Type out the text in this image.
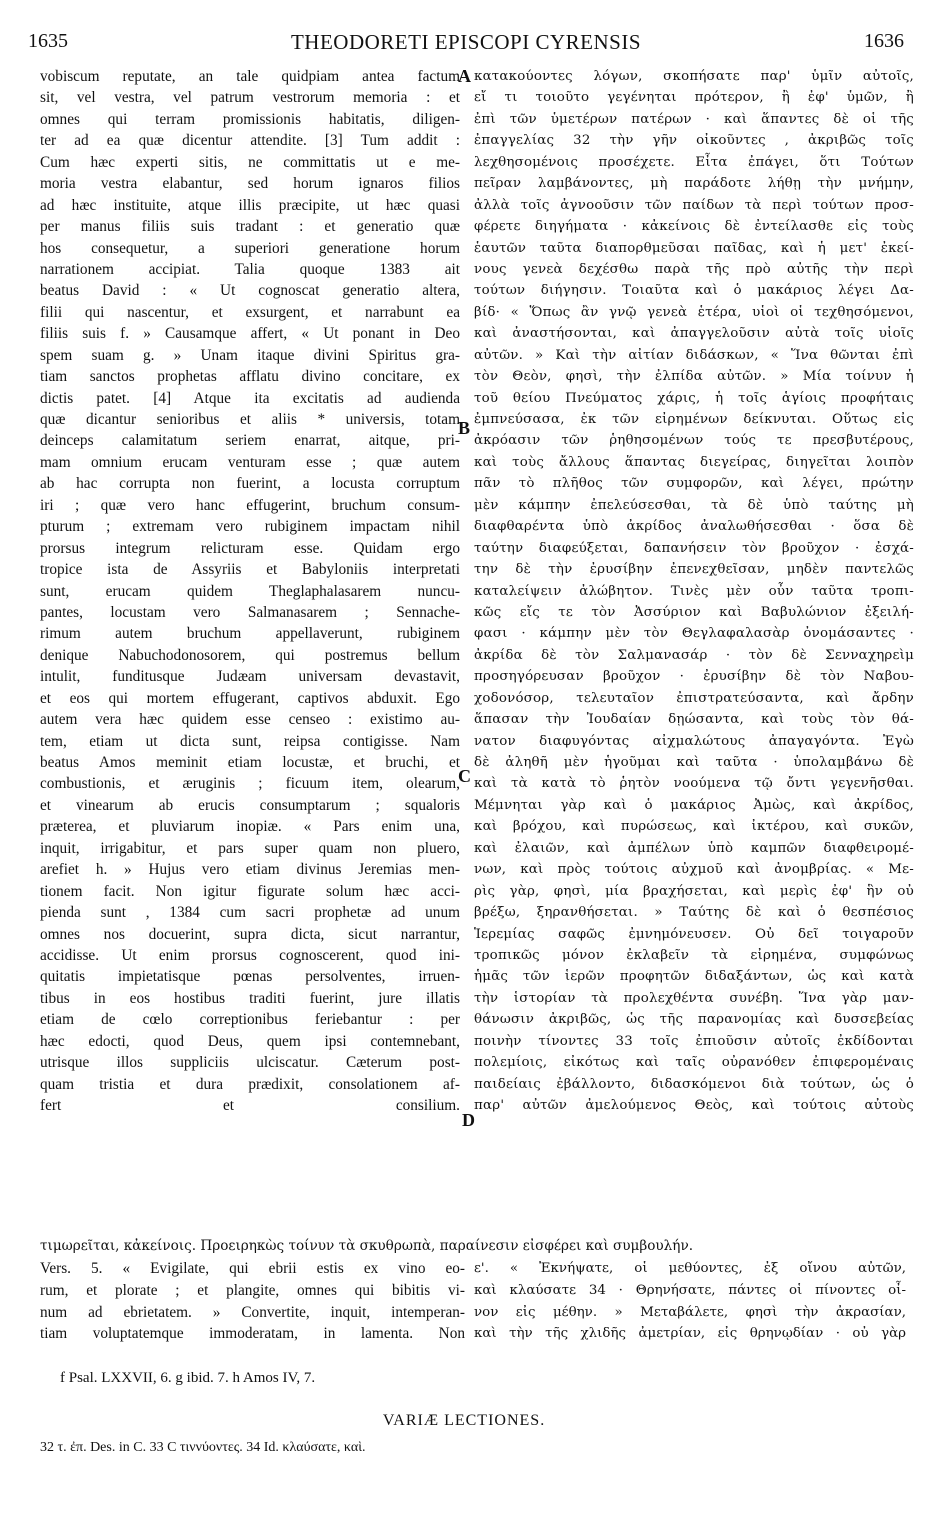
1635	THEODORETI EPISCOPI CYRENSIS	1636
vobiscum reputate, an tale quidpiam antea factum
sit, vel vestra, vel patrum vestrorum memoria : et
omnes qui terram promissionis habitatis, diligen-
ter ad ea quæ dicentur attendite. [3] Tum addit :
Cum hæc experti sitis, ne committatis ut e me-
moria vestra elabantur, sed horum ignaros filios
ad hæc instituite, atque illis præcipite, ut hæc quasi
per manus filiis suis tradant : et generatio quæ
hos consequetur, a superiori generatione horum
narrationem accipiat. Talia quoque 1383 ait
beatus David : « Ut cognoscat generatio altera,
filii qui nascentur, et exsurgent, et narrabunt ea
filiis suis f. » Causamque affert, « Ut ponant in Deo
spem suam g. » Unam itaque divini Spiritus gra-
tiam sanctos prophetas afflatu divino concitare, ex
dictis patet. [4] Atque ita excitatis ad audienda
quæ dicantur senioribus et aliis * universis, totam
deinceps calamitatum seriem enarrat, aitque, pri-
mam omnium erucam venturam esse ; quæ autem
ab hac corrupta non fuerint, a locusta corruptum
iri ; quæ vero hanc effugerint, bruchum consum-
pturum ; extremam vero rubiginem impactam nihil
prorsus integrum relicturam esse. Quidam ergo
tropice ista de Assyriis et Babyloniis interpretati
sunt, erucam quidem Theglaphalasarem nuncu-
pantes, locustam vero Salmanasarem ; Sennache-
rimum autem bruchum appellaverunt, rubiginem
denique Nabuchodonosorem, qui postremus bellum
intulit, funditusque Judæam universam devastavit,
et eos qui mortem effugerant, captivos abduxit. Ego
autem vera hæc quidem esse censeo : existimo au-
tem, etiam ut dicta sunt, reipsa contigisse. Nam
beatus Amos meminit etiam locustæ, et bruchi, et
combustionis, et æruginis ; ficuum item, olearum,
et vinearum ab erucis consumptarum ; squaloris
præterea, et pluviarum inopiæ. « Pars enim una,
inquit, irrigabitur, et pars super quam non pluero,
arefiet h. » Hujus vero etiam divinus Jeremias men-
tionem facit. Non igitur figurate solum hæc acci-
pienda sunt , 1384 cum sacri prophetæ ad unum
omnes nos docuerint, supra dicta, sicut narrantur,
accidisse. Ut enim prorsus cognoscerent, quod ini-
quitatis impietatisque pœnas persolventes, irruen-
tibus in eos hostibus traditi fuerint, jure illatis
etiam de cœlo correptionibus feriebantur : per
hæc edocti, quod Deus, quem ipsi contemnebant,
utrisque illos suppliciis ulciscatur. Cæterum post-
quam tristia et dura prædixit, consolationem af-
fert et consilium.
κατακούοντες λόγων, σκοπήσατε παρ' ὑμῖν αὐτοῖς,
εἴ τι τοιοῦτο γεγένηται πρότερον, ἢ ἐφ' ὑμῶν, ἢ
ἐπὶ τῶν ὑμετέρων πατέρων · καὶ ἅπαντες δὲ οἱ τῆς
ἐπαγγελίας 32 τὴν γῆν οἰκοῦντες , ἀκριβῶς τοῖς
λεχθησομένοις προσέχετε. Εἶτα ἐπάγει, ὅτι Τούτων
πεῖραν λαμβάνοντες, μὴ παράδοτε λήθῃ τὴν μνήμην,
ἀλλὰ τοῖς ἀγνοοῦσιν τῶν παίδων τὰ περὶ τούτων προσ-
φέρετε διηγήματα · κἀκείνοις δὲ ἐντείλασθε εἰς τοὺς
ἑαυτῶν ταῦτα διαπορθμεῦσαι παῖδας, καὶ ἡ μετ' ἐκεί-
νους γενεὰ δεχέσθω παρὰ τῆς πρὸ αὐτῆς τὴν περὶ
τούτων διήγησιν. Τοιαῦτα καὶ ὁ μακάριος λέγει Δα-
βίδ· « Ὅπως ἂν γνῷ γενεὰ ἑτέρα, υἱοὶ οἱ τεχθησόμενοι,
καὶ ἀναστήσονται, καὶ ἀπαγγελοῦσιν αὐτὰ τοῖς υἱοῖς
αὐτῶν. » Καὶ τὴν αἰτίαν διδάσκων, « Ἵνα θῶνται ἐπὶ
τὸν Θεὸν, φησὶ, τὴν ἐλπίδα αὐτῶν. » Μία τοίνυν ἡ
τοῦ θείου Πνεύματος χάρις, ἡ τοῖς ἁγίοις προφήταις
ἐμπνεύσασα, ἐκ τῶν εἰρημένων δείκνυται. Οὕτως εἰς
ἀκρόασιν τῶν ῥηθησομένων τούς τε πρεσβυτέρους,
καὶ τοὺς ἄλλους ἅπαντας διεγείρας, διηγεῖται λοιπὸν
πᾶν τὸ πλῆθος τῶν συμφορῶν, καὶ λέγει, πρώτην
μὲν κάμπην ἐπελεύσεσθαι, τὰ δὲ ὑπὸ ταύτης μὴ
διαφθαρέντα ὑπὸ ἀκρίδος ἀναλωθήσεσθαι · ὅσα δὲ
ταύτην διαφεύξεται, δαπανήσειν τὸν βροῦχον · ἐσχά-
την δὲ τὴν ἐρυσίβην ἐπενεχθεῖσαν, μηδὲν παντελῶς
καταλείψειν ἀλώβητον. Τινὲς μὲν οὖν ταῦτα τροπι-
κῶς εἴς τε τὸν Ἀσσύριον καὶ Βαβυλώνιον ἐξειλή-
φασι · κάμπην μὲν τὸν Θεγλαφαλασὰρ ὀνομάσαντες ·
ἀκρίδα δὲ τὸν Σαλμανασάρ · τὸν δὲ Σενναχηρεὶμ
προσηγόρευσαν βροῦχον · ἐρυσίβην δὲ τὸν Ναβου-
χοδονόσορ, τελευταῖον ἐπιστρατεύσαντα, καὶ ἄρδην
ἅπασαν τὴν Ἰουδαίαν δῃώσαντα, καὶ τοὺς τὸν θά-
νατον διαφυγόντας αἰχμαλώτους ἀπαγαγόντα. Ἐγὼ
δὲ ἀληθῆ μὲν ἡγοῦμαι καὶ ταῦτα · ὑπολαμβάνω δὲ
καὶ τὰ κατὰ τὸ ῥητὸν νοούμενα τῷ ὄντι γεγενῆσθαι.
Μέμνηται γὰρ καὶ ὁ μακάριος Ἀμὼς, καὶ ἀκρίδος,
καὶ βρόχου, καὶ πυρώσεως, καὶ ἰκτέρου, καὶ συκῶν,
καὶ ἐλαιῶν, καὶ ἀμπέλων ὑπὸ καμπῶν διαφθειρομέ-
νων, καὶ πρὸς τούτοις αὐχμοῦ καὶ ἀνομβρίας. « Με-
ρὶς γὰρ, φησὶ, μία βραχήσεται, καὶ μερὶς ἐφ' ἣν οὐ
βρέξω, ξηρανθήσεται. » Ταύτης δὲ καὶ ὁ θεσπέσιος
Ἱερεμίας σαφῶς ἐμνημόνευσεν. Οὐ δεῖ τοιγαροῦν
τροπικῶς μόνον ἐκλαβεῖν τὰ εἰρημένα, συμφώνως
ἡμᾶς τῶν ἱερῶν προφητῶν διδαξάντων, ὡς καὶ κατὰ
τὴν ἱστορίαν τὰ προλεχθέντα συνέβη. Ἵνα γὰρ μαν-
θάνωσιν ἀκριβῶς, ὡς τῆς παρανομίας καὶ δυσσεβείας
ποινὴν τίνοντες 33 τοῖς ἐπιοῦσιν αὐτοῖς ἐκδίδονται
πολεμίοις, εἰκότως καὶ ταῖς οὐρανόθεν ἐπιφερομέναις
παιδείαις ἐβάλλοντο, διδασκόμενοι διὰ τούτων, ὡς ὁ
παρ' αὐτῶν ἀμελούμενος Θεὸς, καὶ τούτοις αὐτοὺς
A
B
C
D
τιμωρεῖται, κἀκείνοις. Προειρηκὼς τοίνυν τὰ σκυθρωπὰ, παραίνεσιν εἰσφέρει καὶ συμβουλήν.
Vers. 5. « Evigilate, qui ebrii estis ex vino eo-
rum, et plorate ; et plangite, omnes qui bibitis vi-
num ad ebrietatem. » Convertite, inquit, intemperan-
tiam voluptatemque immoderatam, in lamenta. Non
ε'. « Ἐκνήψατε, οἱ μεθύοντες, ἐξ οἴνου αὐτῶν,
καὶ κλαύσατε 34 · Θρηνήσατε, πάντες οἱ πίνοντες οἶ-
νον εἰς μέθην. » Μεταβάλετε, φησὶ τὴν ἀκρασίαν,
καὶ τὴν τῆς χλιδῆς ἀμετρίαν, εἰς θρηνῳδίαν · οὐ γὰρ
f Psal. LXXVII, 6. g ibid. 7. h Amos IV, 7.
VARIÆ LECTIONES.
32 τ. ἐπ. Des. in C. 33 C τιννύοντες. 34 Id. κλαύσατε, καὶ.
